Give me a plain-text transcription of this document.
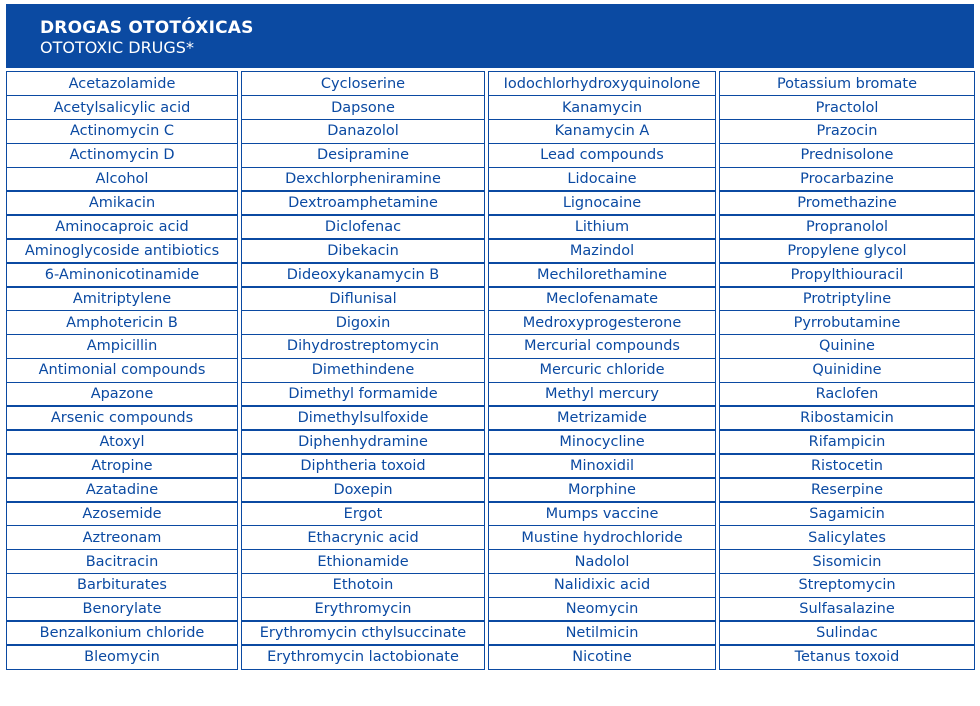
DROGAS OTOTÓXICAS
OTOTOXIC DRUGS*
Acetazolamide
Acetylsalicylic acid
Actinomycin C
Actinomycin D
Alcohol
Amikacin
Aminocaproic acid
Aminoglycoside antibiotics
6-Aminonicotinamide
Amitriptylene
Amphotericin B
Ampicillin
Antimonial compounds
Apazone
Arsenic compounds
Atoxyl
Atropine
Azatadine
Azosemide
Aztreonam
Bacitracin
Barbiturates
Benorylate
Benzalkonium chloride
Bleomycin
Cycloserine
Dapsone
Danazolol
Desipramine
Dexchlorpheniramine
Dextroamphetamine
Diclofenac
Dibekacin
Dideoxykanamycin B
Diflunisal
Digoxin
Dihydrostreptomycin
Dimethindene
Dimethyl formamide
Dimethylsulfoxide
Diphenhydramine
Diphtheria toxoid
Doxepin
Ergot
Ethacrynic acid
Ethionamide
Ethotoin
Erythromycin
Erythromycin cthylsuccinate
Erythromycin lactobionate
Iodochlorhydroxyquinolone
Kanamycin
Kanamycin A
Lead compounds
Lidocaine
Lignocaine
Lithium
Mazindol
Mechilorethamine
Meclofenamate
Medroxyprogesterone
Mercurial compounds
Mercuric chloride
Methyl mercury
Metrizamide
Minocycline
Minoxidil
Morphine
Mumps vaccine
Mustine hydrochloride
Nadolol
Nalidixic acid
Neomycin
Netilmicin
Nicotine
Potassium bromate
Practolol
Prazocin
Prednisolone
Procarbazine
Promethazine
Propranolol
Propylene glycol
Propylthiouracil
Protriptyline
Pyrrobutamine
Quinine
Quinidine
Raclofen
Ribostamicin
Rifampicin
Ristocetin
Reserpine
Sagamicin
Salicylates
Sisomicin
Streptomycin
Sulfasalazine
Sulindac
Tetanus toxoid
